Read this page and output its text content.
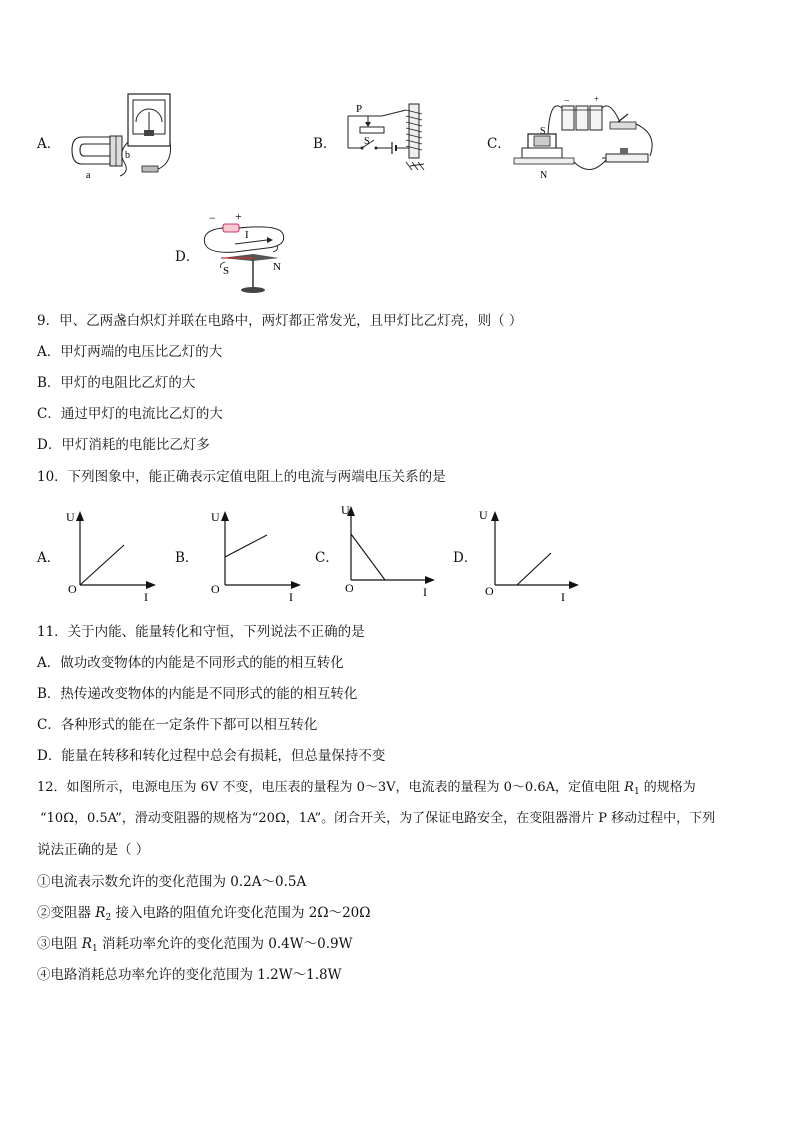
A．
b
a
B．
P
S	C．
−	+
S
N
D．
− +
I
S	N
9．甲、乙两盏白炽灯并联在电路中，两灯都正常发光，且甲灯比乙灯亮，则（ ）
A．甲灯两端的电压比乙灯的大
B．甲灯的电阻比乙灯的大
C．通过甲灯的电流比乙灯的大
D．甲灯消耗的电能比乙灯多
10．下列图象中，能正确表示定值电阻上的电流与两端电压关系的是
A．
U
I
O
B．
U
I
O
C．
U
I
O
D．
U
I
O
11．关于内能、能量转化和守恒，下列说法不正确的是
A．做功改变物体的内能是不同形式的能的相互转化
B．热传递改变物体的内能是不同形式的能的相互转化
C．各种形式的能在一定条件下都可以相互转化
D．能量在转移和转化过程中总会有损耗，但总量保持不变
12．如图所示，电源电压为 6V 不变，电压表的量程为 0～3V，电流表的量程为 0～0.6A，定值电阻 $R_1$ 的规格为
“10Ω，0.5A”，滑动变阻器的规格为“20Ω，1A”。闭合开关，为了保证电路安全，在变阻器滑片 P 移动过程中，下列
说法正确的是（ ）
①电流表示数允许的变化范围为 0.2A～0.5A
②变阻器 $R_2$ 接入电路的阻值允许变化范围为 2Ω～20Ω
③电阻 $R_1$ 消耗功率允许的变化范围为 0.4W～0.9W
④电路消耗总功率允许的变化范围为 1.2W～1.8W
